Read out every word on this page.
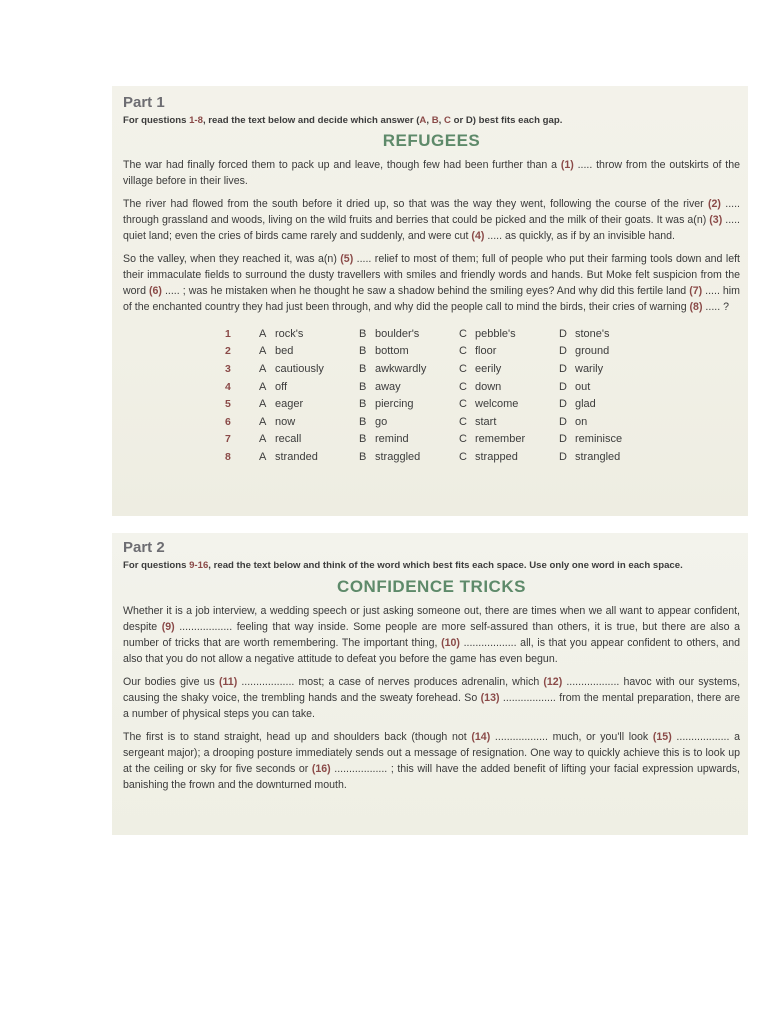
Part 1

For questions 1-8, read the text below and decide which answer (A, B, C or D) best fits each gap.

REFUGEES

The war had finally forced them to pack up and leave, though few had been further than a (1) ..... throw from the outskirts of the village before in their lives.

The river had flowed from the south before it dried up, so that was the way they went, following the course of the river (2) ..... through grassland and woods, living on the wild fruits and berries that could be picked and the milk of their goats. It was a(n) (3) ..... quiet land; even the cries of birds came rarely and suddenly, and were cut (4) ..... as quickly, as if by an invisible hand.

So the valley, when they reached it, was a(n) (5) ..... relief to most of them; full of people who put their farming tools down and left their immaculate fields to surround the dusty travellers with smiles and friendly words and hands. But Moke felt suspicion from the word (6) ..... ; was he mistaken when he thought he saw a shadow behind the smiling eyes? And why did this fertile land (7) ..... him of the enchanted country they had just been through, and why did the people call to mind the birds, their cries of warning (8) ..... ?

1	A	rock's	B	boulder's	C	pebble's	D	stone's
2	A	bed	B	bottom	C	floor	D	ground
3	A	cautiously	B	awkwardly	C	eerily	D	warily
4	A	off	B	away	C	down	D	out
5	A	eager	B	piercing	C	welcome	D	glad
6	A	now	B	go	C	start	D	on
7	A	recall	B	remind	C	remember	D	reminisce
8	A	stranded	B	straggled	C	strapped	D	strangled
Part 2

For questions 9-16, read the text below and think of the word which best fits each space. Use only one word in each space.

CONFIDENCE TRICKS

Whether it is a job interview, a wedding speech or just asking someone out, there are times when we all want to appear confident, despite (9) .................. feeling that way inside. Some people are more self-assured than others, it is true, but there are also a number of tricks that are worth remembering. The important thing, (10) .................. all, is that you appear confident to others, and also that you do not allow a negative attitude to defeat you before the game has even begun.

Our bodies give us (11) .................. most; a case of nerves produces adrenalin, which (12) .................. havoc with our systems, causing the shaky voice, the trembling hands and the sweaty forehead. So (13) .................. from the mental preparation, there are a number of physical steps you can take.

The first is to stand straight, head up and shoulders back (though not (14) .................. much, or you'll look (15) .................. a sergeant major); a drooping posture immediately sends out a message of resignation. One way to quickly achieve this is to look up at the ceiling or sky for five seconds or (16) .................. ; this will have the added benefit of lifting your facial expression upwards, banishing the frown and the downturned mouth.
